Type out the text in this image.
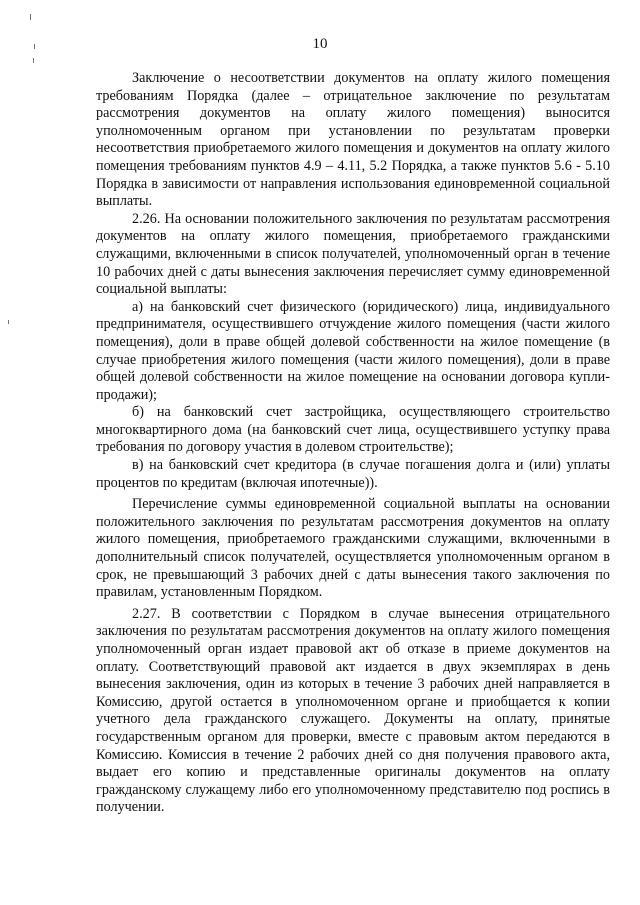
10

Заключение о несоответствии документов на оплату жилого помещения требованиям Порядка (далее – отрицательное заключение по результатам рассмотрения документов на оплату жилого помещения) выносится уполномоченным органом при установлении по результатам проверки несоответствия приобретаемого жилого помещения и документов на оплату жилого помещения требованиям пунктов 4.9 – 4.11, 5.2 Порядка, а также пунктов 5.6 - 5.10 Порядка в зависимости от направления использования единовременной социальной выплаты.

2.26. На основании положительного заключения по результатам рассмотрения документов на оплату жилого помещения, приобретаемого гражданскими служащими, включенными в список получателей, уполномоченный орган в течение 10 рабочих дней с даты вынесения заключения перечисляет сумму единовременной социальной выплаты:

а) на банковский счет физического (юридического) лица, индивидуального предпринимателя, осуществившего отчуждение жилого помещения (части жилого помещения), доли в праве общей долевой собственности на жилое помещение (в случае приобретения жилого помещения (части жилого помещения), доли в праве общей долевой собственности на жилое помещение на основании договора купли-продажи);

б) на банковский счет застройщика, осуществляющего строительство многоквартирного дома (на банковский счет лица, осуществившего уступку права требования по договору участия в долевом строительстве);

в) на банковский счет кредитора (в случае погашения долга и (или) уплаты процентов по кредитам (включая ипотечные)).

Перечисление суммы единовременной социальной выплаты на основании положительного заключения по результатам рассмотрения документов на оплату жилого помещения, приобретаемого гражданскими служащими, включенными в дополнительный список получателей, осуществляется уполномоченным органом в срок, не превышающий 3 рабочих дней с даты вынесения такого заключения по правилам, установленным Порядком.

2.27. В соответствии с Порядком в случае вынесения отрицательного заключения по результатам рассмотрения документов на оплату жилого помещения уполномоченный орган издает правовой акт об отказе в приеме документов на оплату. Соответствующий правовой акт издается в двух экземплярах в день вынесения заключения, один из которых в течение 3 рабочих дней направляется в Комиссию, другой остается в уполномоченном органе и приобщается к копии учетного дела гражданского служащего. Документы на оплату, принятые государственным органом для проверки, вместе с правовым актом передаются в Комиссию. Комиссия в течение 2 рабочих дней со дня получения правового акта, выдает его копию и представленные оригиналы документов на оплату гражданскому служащему либо его уполномоченному представителю под роспись в получении.
